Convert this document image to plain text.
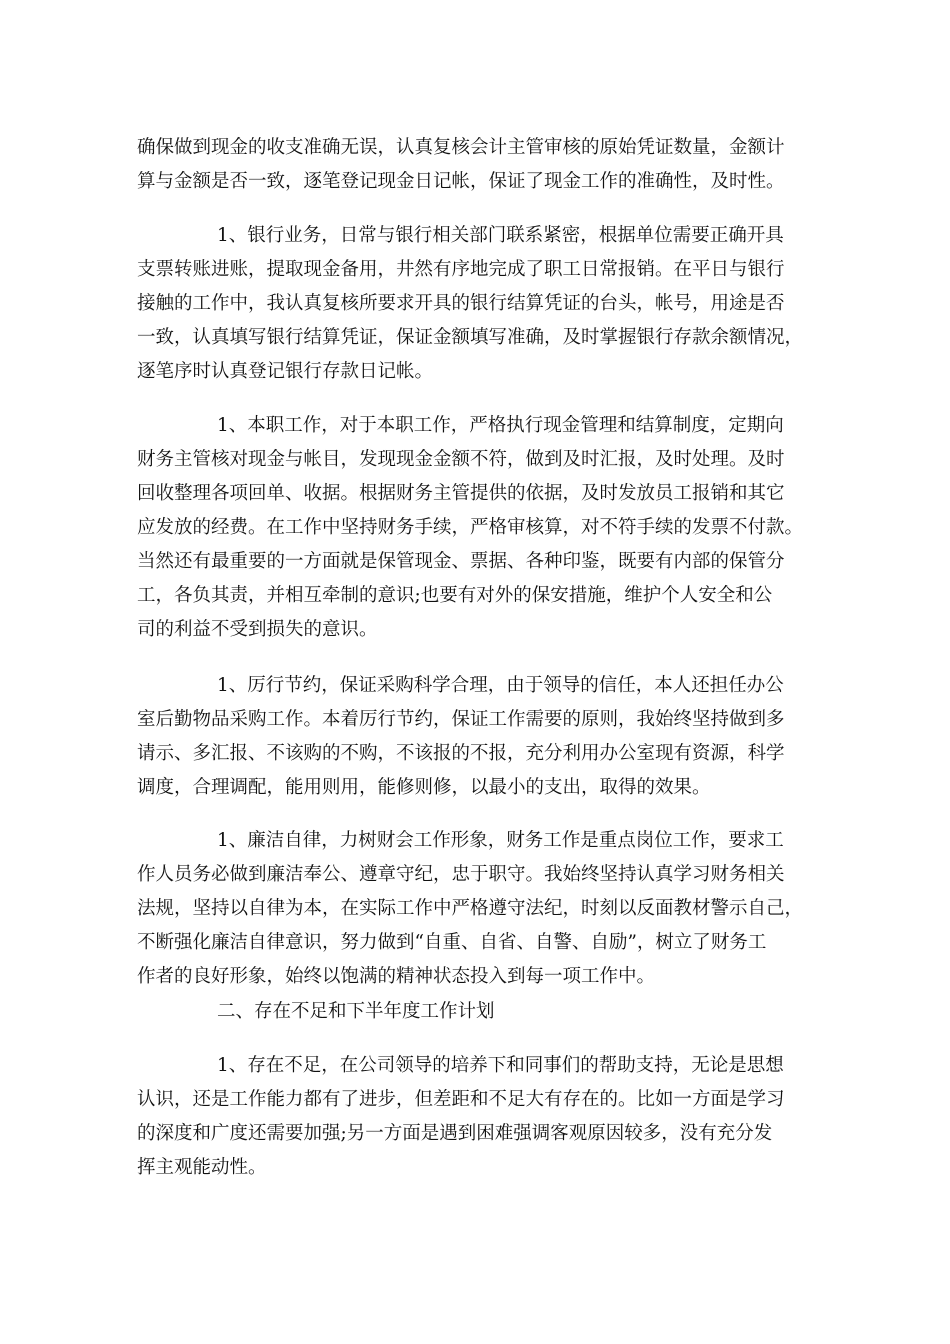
确保做到现金的收支准确无误，认真复核会计主管审核的原始凭证数量，金额计
算与金额是否一致，逐笔登记现金日记帐，保证了现金工作的准确性，及时性。
1、银行业务，日常与银行相关部门联系紧密，根据单位需要正确开具
支票转账进账，提取现金备用，井然有序地完成了职工日常报销。在平日与银行
接触的工作中，我认真复核所要求开具的银行结算凭证的台头，帐号，用途是否
一致，认真填写银行结算凭证，保证金额填写准确，及时掌握银行存款余额情况，
逐笔序时认真登记银行存款日记帐。
1、本职工作，对于本职工作，严格执行现金管理和结算制度，定期向
财务主管核对现金与帐目，发现现金金额不符，做到及时汇报，及时处理。及时
回收整理各项回单、收据。根据财务主管提供的依据，及时发放员工报销和其它
应发放的经费。在工作中坚持财务手续，严格审核算，对不符手续的发票不付款。
当然还有最重要的一方面就是保管现金、票据、各种印鉴，既要有内部的保管分
工，各负其责，并相互牵制的意识;也要有对外的保安措施，维护个人安全和公
司的利益不受到损失的意识。
1、厉行节约，保证采购科学合理，由于领导的信任，本人还担任办公
室后勤物品采购工作。本着厉行节约，保证工作需要的原则，我始终坚持做到多
请示、多汇报、不该购的不购，不该报的不报，充分利用办公室现有资源，科学
调度，合理调配，能用则用，能修则修，以最小的支出，取得的效果。
1、廉洁自律，力树财会工作形象，财务工作是重点岗位工作，要求工
作人员务必做到廉洁奉公、遵章守纪，忠于职守。我始终坚持认真学习财务相关
法规，坚持以自律为本，在实际工作中严格遵守法纪，时刻以反面教材警示自己，
不断强化廉洁自律意识，努力做到“自重、自省、自警、自励”，树立了财务工
作者的良好形象，始终以饱满的精神状态投入到每一项工作中。
二、存在不足和下半年度工作计划
1、存在不足，在公司领导的培养下和同事们的帮助支持，无论是思想
认识，还是工作能力都有了进步，但差距和不足大有存在的。比如一方面是学习
的深度和广度还需要加强;另一方面是遇到困难强调客观原因较多，没有充分发
挥主观能动性。
